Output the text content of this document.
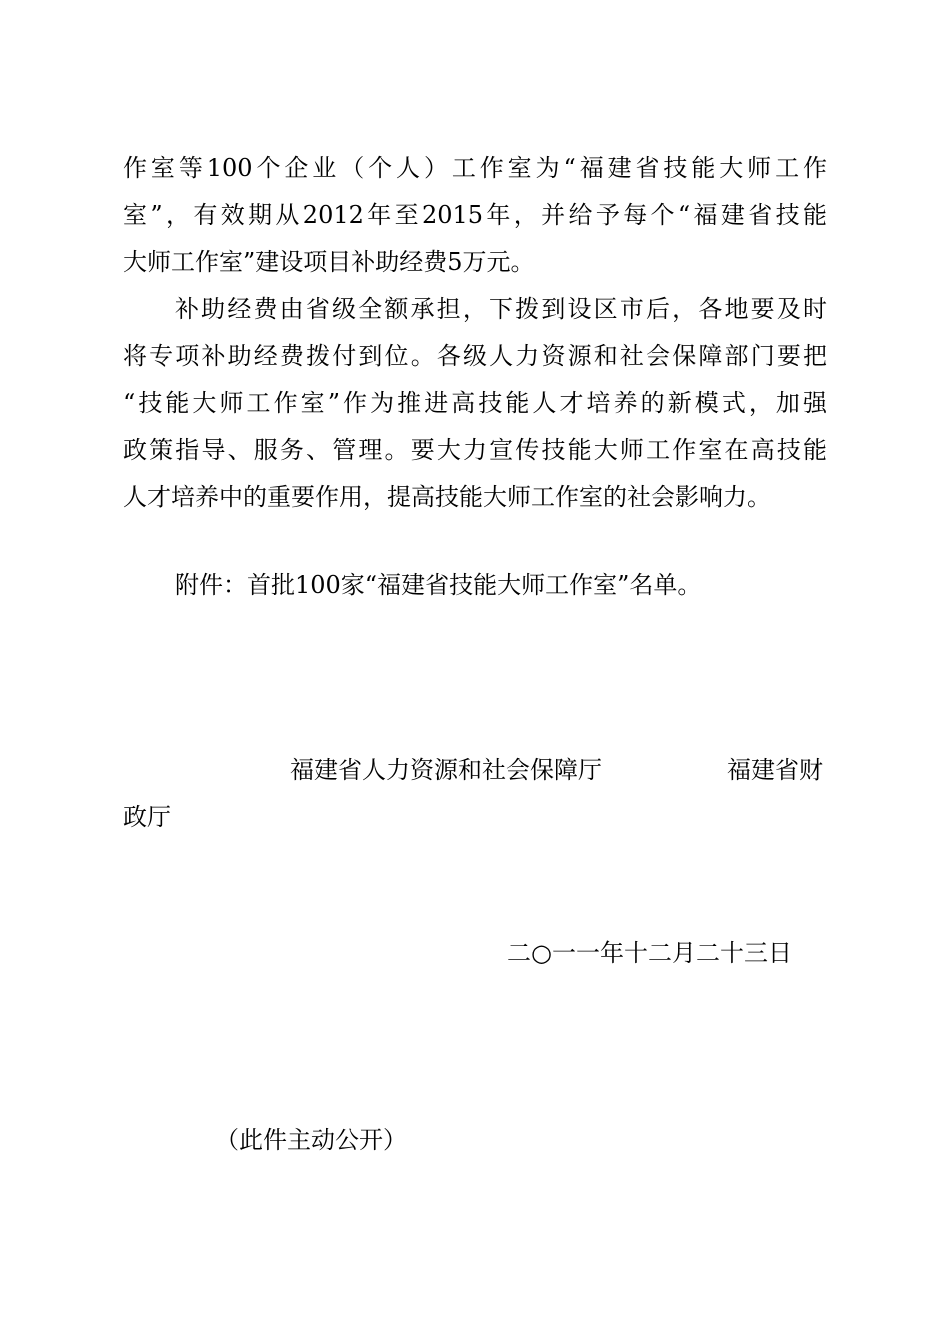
作室等100个企业（个人）工作室为“福建省技能大师工作
室”，有效期从2012年至2015年，并给予每个“福建省技能
大师工作室”建设项目补助经费5万元。
补助经费由省级全额承担，下拨到设区市后，各地要及时
将专项补助经费拨付到位。各级人力资源和社会保障部门要把
“技能大师工作室”作为推进高技能人才培养的新模式，加强
政策指导、服务、管理。要大力宣传技能大师工作室在高技能
人才培养中的重要作用，提高技能大师工作室的社会影响力。
附件：首批100家“福建省技能大师工作室”名单。
福建省人力资源和社会保障厅	福建省财
政厅
二○一一年十二月二十三日
（此件主动公开）
